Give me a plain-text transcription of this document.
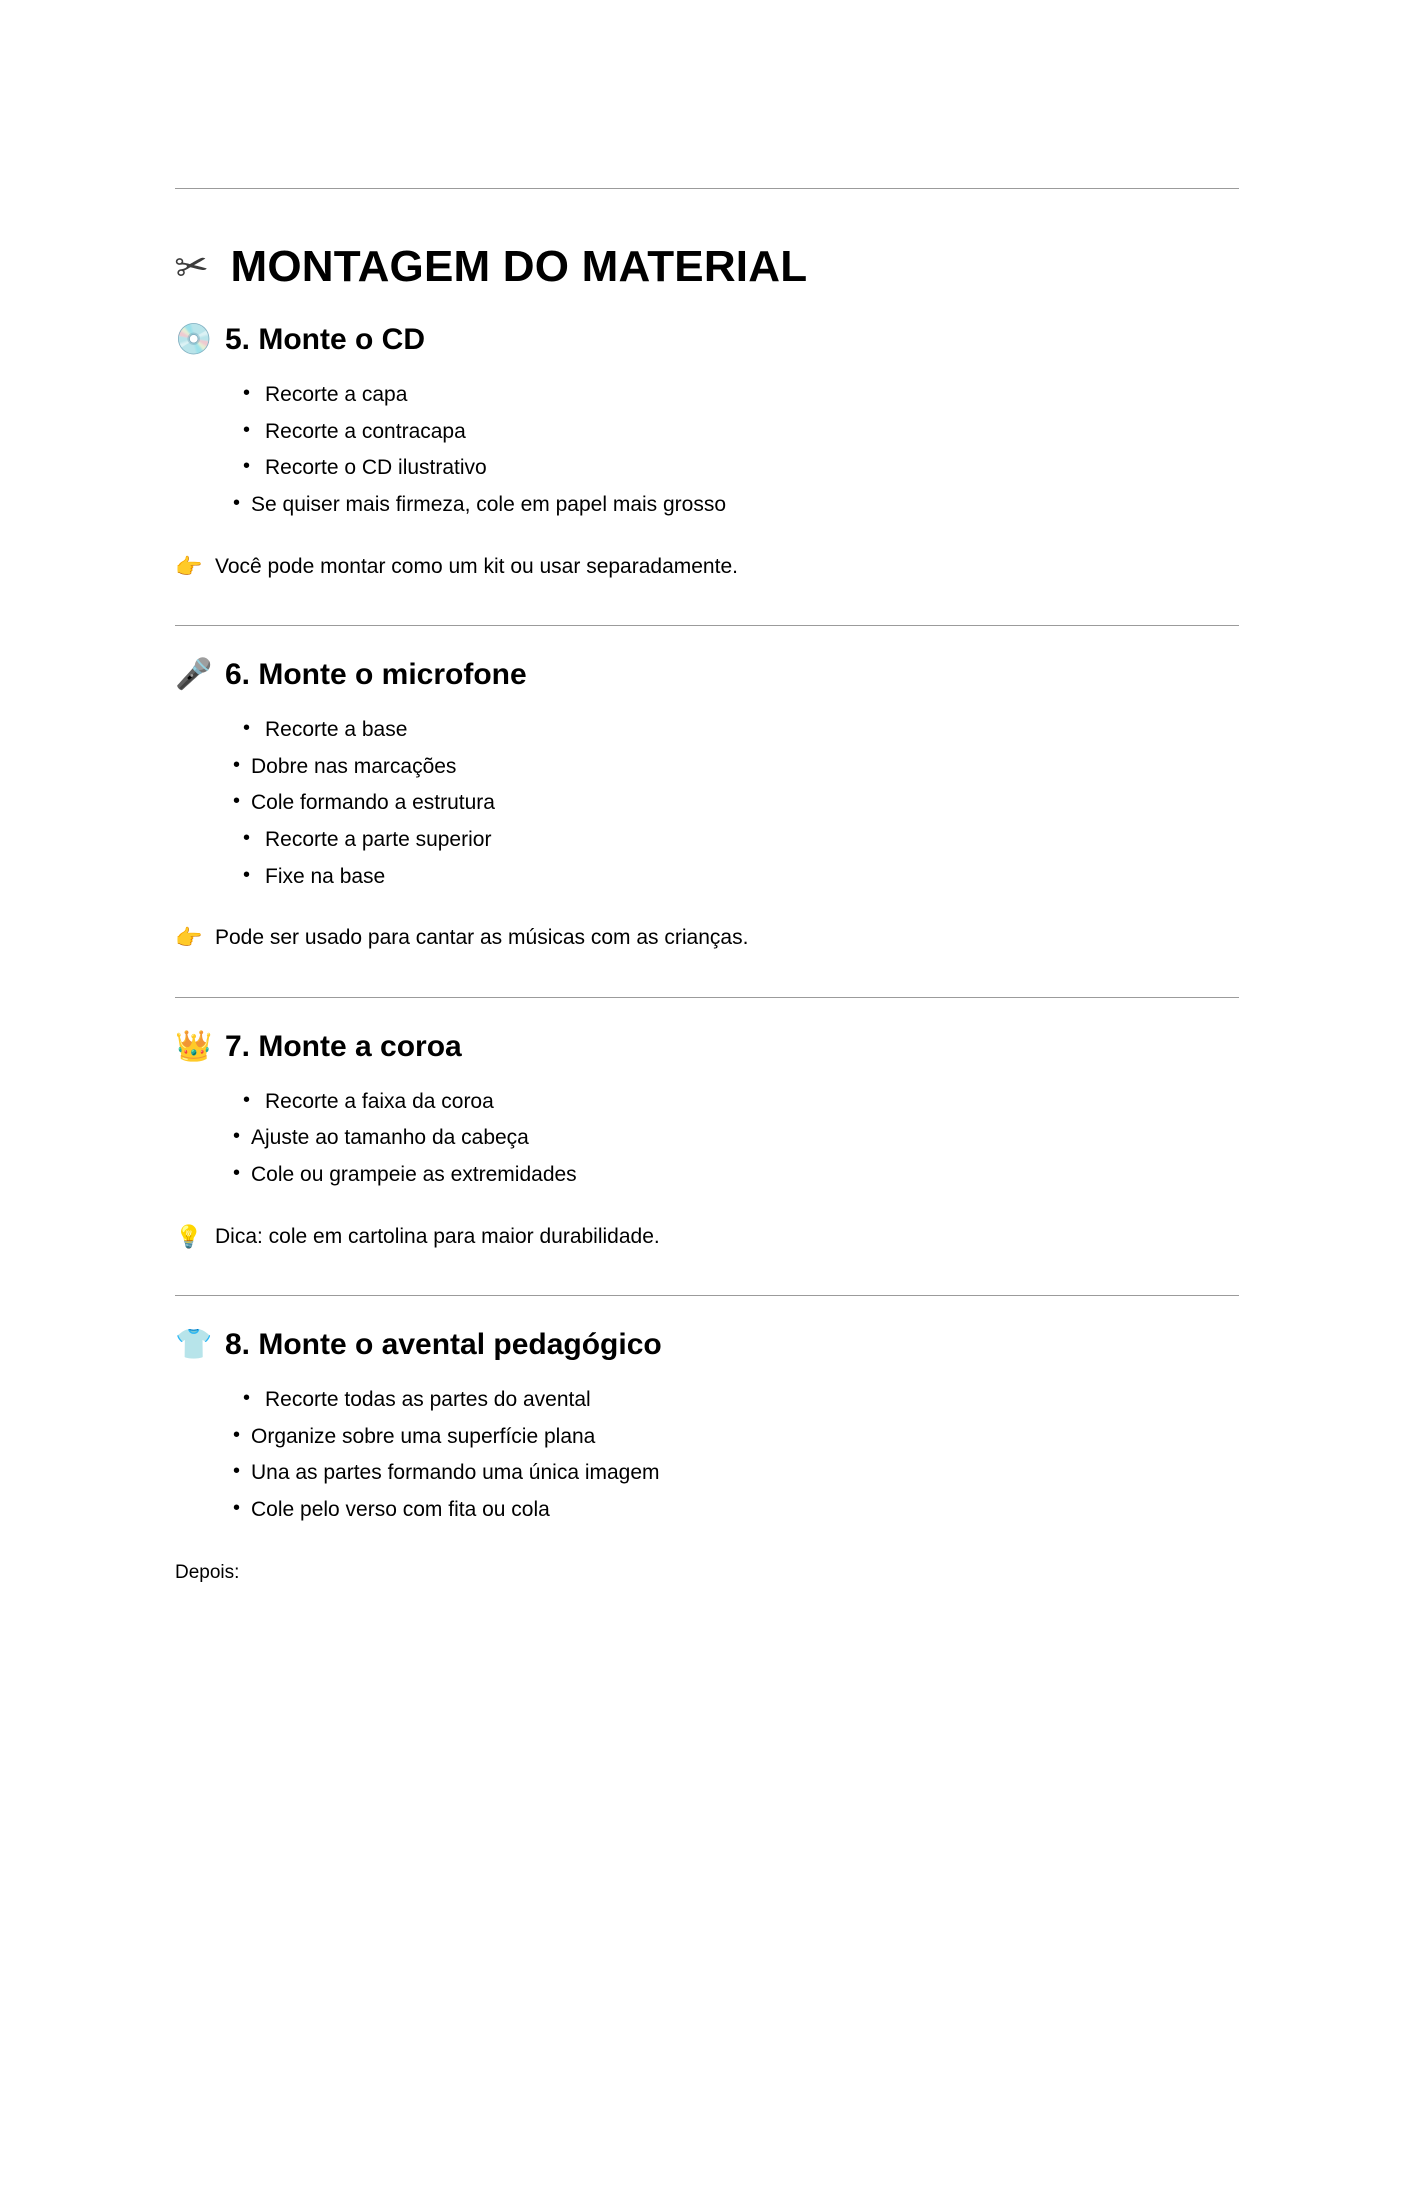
✂ MONTAGEM DO MATERIAL
💿 5. Monte o CD
• Recorte a capa
• Recorte a contracapa
• Recorte o CD ilustrativo
• Se quiser mais firmeza, cole em papel mais grosso
👉 Você pode montar como um kit ou usar separadamente.
🎤 6. Monte o microfone
• Recorte a base
• Dobre nas marcações
• Cole formando a estrutura
• Recorte a parte superior
• Fixe na base
👉 Pode ser usado para cantar as músicas com as crianças.
👑 7. Monte a coroa
• Recorte a faixa da coroa
• Ajuste ao tamanho da cabeça
• Cole ou grampeie as extremidades
💡 Dica: cole em cartolina para maior durabilidade.
👕 8. Monte o avental pedagógico
• Recorte todas as partes do avental
• Organize sobre uma superfície plana
• Una as partes formando uma única imagem
• Cole pelo verso com fita ou cola

Depois:
